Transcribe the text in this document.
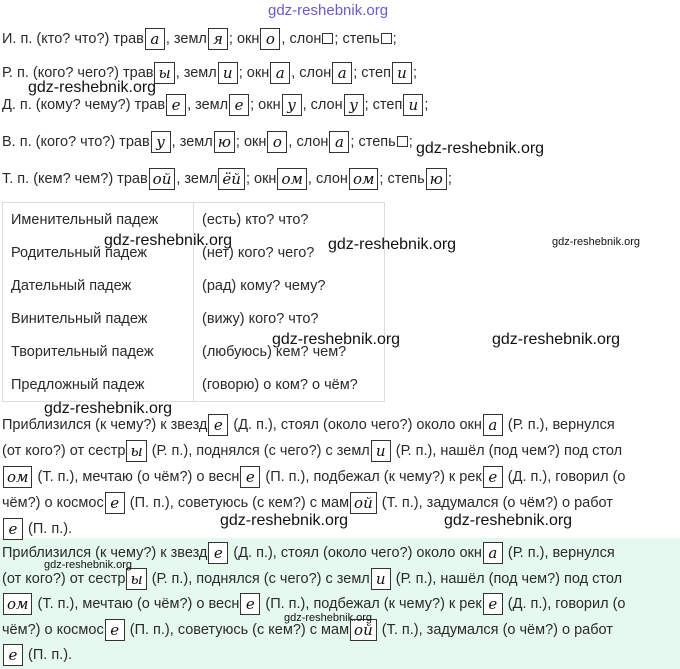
gdz-reshebnik.org
И. п. (кто? что?) трав а , земл я ; окн о , слон ; степь ;
Р. п. (кого? чего?) трав ы , земл и ; окн а , слон а ; степ и ;
Д. п. (кому? чему?) трав е , земл е ; окн у , слон у ; степ и ;
В. п. (кого? что?) трав у , земл ю ; окн о , слон а ; степь ;
Т. п. (кем? чем?) трав ой , земл ёй ; окн ом , слон ом ; степь ю ;
gdz-reshebnik.org
gdz-reshebnik.org
Именительный падеж	(есть) кто? что?
Родительный падеж	(нет) кого? чего?
Дательный падеж	(рад) кому? чему?
Винительный падеж	(вижу) кого? что?
Творительный падеж	(любуюсь) кем? чем?
Предложный падеж	(говорю) о ком? о чём?
gdz-reshebnik.org	gdz-reshebnik.org	gdz-reshebnik.org
gdz-reshebnik.org	gdz-reshebnik.org
gdz-reshebnik.org
Приблизился (к чему?) к звезд е (Д. п.), стоял (около чего?) около окн а (Р. п.), вернулся
(от кого?) от сестр ы (Р. п.), поднялся (с чего?) с земл и (Р. п.), нашёл (под чем?) под стол
ом (Т. п.), мечтаю (о чём?) о весн е (П. п.), подбежал (к чему?) к рек е (Д. п.), говорил (о
чём?) о космос е (П. п.), советуюсь (с кем?) с мам ой (Т. п.), задумался (о чём?) о работ
е (П. п.).	gdz-reshebnik.org	gdz-reshebnik.org
Приблизился (к чему?) к звезд е (Д. п.), стоял (около чего?) около окн а (Р. п.), вернулся
(от кого?) от сестр ы (Р. п.), поднялся (с чего?) с земл и (Р. п.), нашёл (под чем?) под стол
ом (Т. п.), мечтаю (о чём?) о весн е (П. п.), подбежал (к чему?) к рек е (Д. п.), говорил (о
чём?) о космос е (П. п.), советуюсь (с кем?) с мам ой (Т. п.), задумался (о чём?) о работ
е (П. п.).
gdz-reshebnik.org
gdz-reshebnik.org
